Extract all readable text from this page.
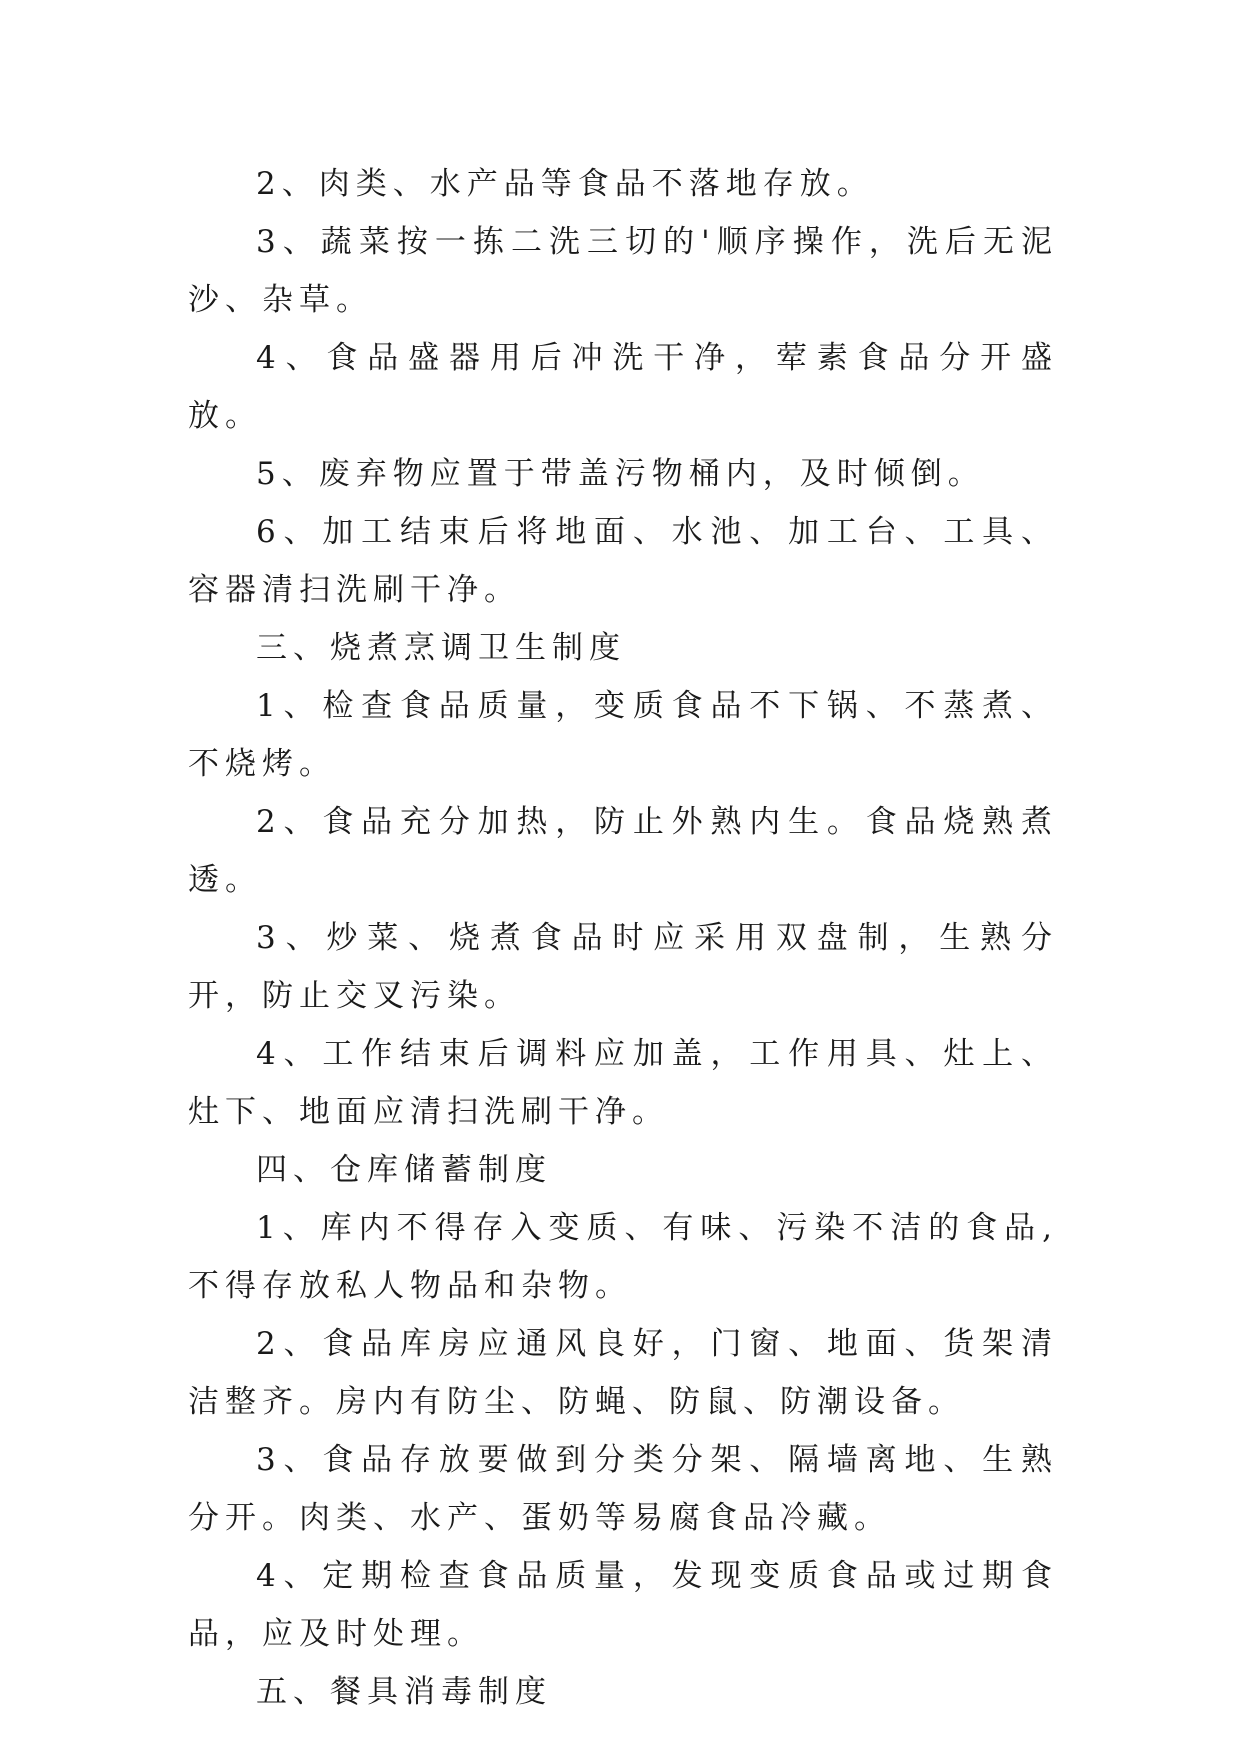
2、肉类、水产品等食品不落地存放。

3、蔬菜按一拣二洗三切的'顺序操作，洗后无泥沙、杂草。

4、食品盛器用后冲洗干净，荤素食品分开盛放。

5、废弃物应置于带盖污物桶内，及时倾倒。

6、加工结束后将地面、水池、加工台、工具、容器清扫洗刷干净。

三、烧煮烹调卫生制度

1、检查食品质量，变质食品不下锅、不蒸煮、不烧烤。

2、食品充分加热，防止外熟内生。食品烧熟煮透。

3、炒菜、烧煮食品时应采用双盘制，生熟分开，防止交叉污染。

4、工作结束后调料应加盖，工作用具、灶上、灶下、地面应清扫洗刷干净。

四、仓库储蓄制度

1、库内不得存入变质、有味、污染不洁的食品,不得存放私人物品和杂物。

2、食品库房应通风良好，门窗、地面、货架清洁整齐。房内有防尘、防蝇、防鼠、防潮设备。

3、食品存放要做到分类分架、隔墙离地、生熟分开。肉类、水产、蛋奶等易腐食品冷藏。

4、定期检查食品质量，发现变质食品或过期食品，应及时处理。

五、餐具消毒制度
